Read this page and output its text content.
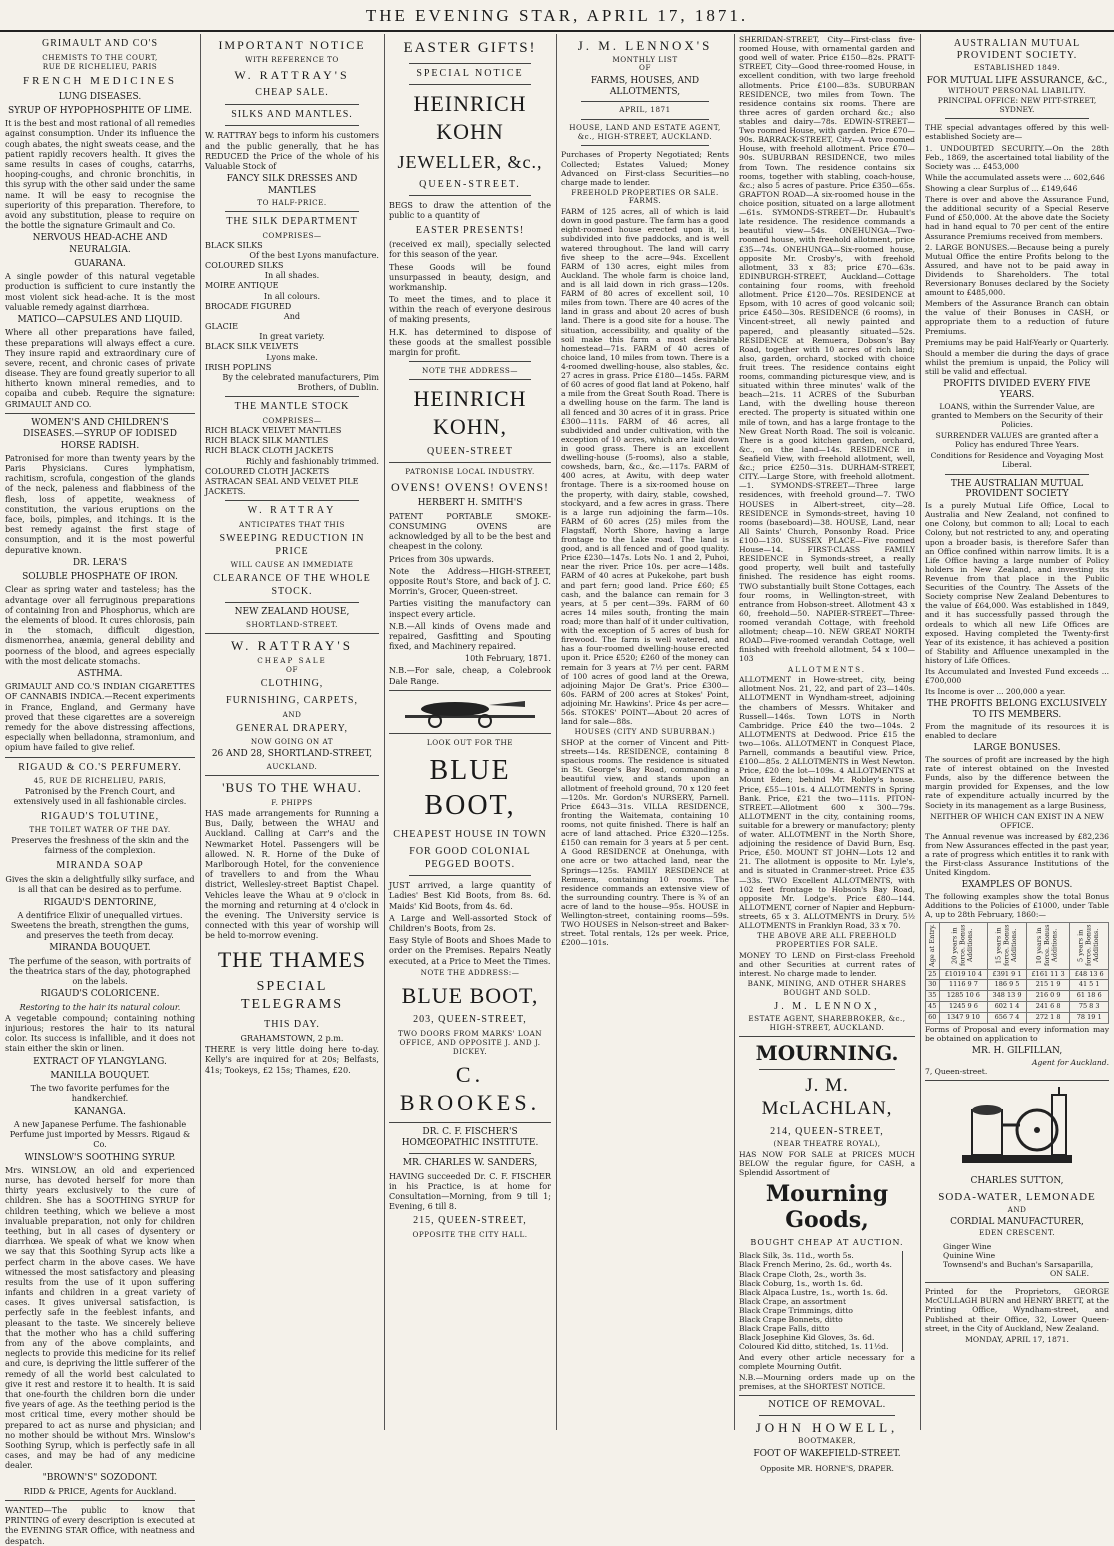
THE EVENING STAR, APRIL 17, 1871.
GRIMAULT AND CO'S
CHEMISTS TO THE COURT,
RUE DE RICHELIEU, PARIS
FRENCH MEDICINES
LUNG DISEASES.
SYRUP OF HYPOPHOSPHITE OF LIME.

It is the best and most rational of all remedies against consumption. Under its influence the cough abates, the night sweats cease, and the patient rapidly recovers health. It gives the same results in cases of coughs, catarrhs, hooping-coughs, and chronic bronchitis, in this syrup with the other said under the same name. It will be easy to recognise the superiority of this preparation. Therefore, to avoid any substitution, please to require on the bottle the signature Grimault and Co.

NERVOUS HEAD-ACHE AND NEURALGIA.
GUARANA.

A single powder of this natural vegetable production is sufficient to cure instantly the most violent sick head-ache. It is the most valuable remedy against diarrhœa.

MATICO—CAPSULES AND LIQUID.

Where all other preparations have failed, these preparations will always effect a cure. They insure rapid and extraordinary cure of severe, recent, and chronic cases of private disease. They are found greatly superior to all hitherto known mineral remedies, and to copaiba and cubeb. Require the signature: GRIMAULT AND CO.

WOMEN'S AND CHILDREN'S DISEASES.—SYRUP OF IODISED HORSE RADISH.

Patronised for more than twenty years by the Paris Physicians. Cures lymphatism, rachitism, scrofula, congestion of the glands of the neck, paleness and flabbiness of the flesh, loss of appetite, weakness of constitution, the various eruptions on the face, boils, pimples, and itchings. It is the best remedy against the first stage of consumption, and it is the most powerful depurative known.

DR. LERA'S
SOLUBLE PHOSPHATE OF IRON.

Clear as spring water and tasteless; has the advantage over all ferruginous preparations of containing Iron and Phosphorus, which are the elements of blood. It cures chlorosis, pain in the stomach, difficult digestion, dismenorrhea, anæmia, general debility and poorness of the blood, and agrees especially with the most delicate stomachs.

ASTHMA.

GRIMAULT AND CO.'S INDIAN CIGARETTES OF CANNABIS INDICA.—Recent experiments in France, England, and Germany have proved that these cigarettes are a sovereign remedy for the above distressing affections, especially when belladonna, stramonium, and opium have failed to give relief.

RIGAUD & CO.'S PERFUMERY.
45, RUE DE RICHELIEU, PARIS,

Patronised by the French Court, and extensively used in all fashionable circles.

RIGAUD'S TOLUTINE,
THE TOILET WATER OF THE DAY.

Preserves the freshness of the skin and the fairness of the complexion.

MIRANDA SOAP

Gives the skin a delightfully silky surface, and is all that can be desired as to perfume.

RIGAUD'S DENTORINE,

A dentifrice Elixir of unequalled virtues. Sweetens the breath, strengthen the gums, and preserves the teeth from decay.

MIRANDA BOUQUET.

The perfume of the season, with portraits of the theatrica stars of the day, photographed on the labels.

RIGAUD'S COLORICENE.
Restoring to the hair its natural colour.

A vegetable compound; containing nothing injurious; restores the hair to its natural color. Its success is infallible, and it does not stain either the skin or linen.

EXTRACT OF YLANGYLANG.
MANILLA BOUQUET.

The two favorite perfumes for the handkerchief.

KANANGA.

A new Japanese Perfume. The fashionable Perfume just imported by Messrs. Rigaud & Co.

WINSLOW'S SOOTHING SYRUP.

Mrs. WINSLOW, an old and experienced nurse, has devoted herself for more than thirty years exclusively to the cure of children. She has a SOOTHING SYRUP for children teething, which we believe a most invaluable preparation, not only for children teething, but in all cases of dysentery or diarrhœa. We speak of what we know when we say that this Soothing Syrup acts like a perfect charm in the above cases. We have witnessed the most satisfactory and pleasing results from the use of it upon suffering infants and children in a great variety of cases. It gives universal satisfaction, is perfectly safe in the feeblest infants, and pleasant to the taste. We sincerely believe that the mother who has a child suffering from any of the above complaints, and neglects to provide this medicine for its relief and cure, is depriving the little sufferer of the remedy of all the world best calculated to give it rest and restore it to health. It is said that one-fourth the children born die under five years of age. As the teething period is the most critical time, every mother should be prepared to act as nurse and physician; and no mother should be without Mrs. Winslow's Soothing Syrup, which is perfectly safe in all cases, and may be had of any medicine dealer.

"BROWN'S" SOZODONT.

RIDD & PRICE, Agents for Auckland.

WANTED—The public to know that PRINTING of every description is executed at the EVENING STAR Office, with neatness and despatch.

IMPORTANT NOTICE
WITH REFERENCE TO
W. RATTRAY'S
CHEAP SALE.
SILKS AND MANTLES.

W. RATTRAY begs to inform his customers and the public generally, that he has REDUCED the Price of the whole of his Valuable Stock of

FANCY SILK DRESSES AND MANTLES
TO HALF-PRICE.
THE SILK DEPARTMENT
COMPRISES—
BLACK SILKS
Of the best Lyons manufacture.
COLOURED SILKS
In all shades.
MOIRE ANTIQUE
In all colours.
BROCADE FIGURED
And
GLACIE
In great variety.
BLACK SILK VELVETS
Lyons make.
IRISH POPLINS
By the celebrated manufacturers, Pim Brothers, of Dublin.
THE MANTLE STOCK
COMPRISES—
RICH BLACK VELVET MANTLES
RICH BLACK SILK MANTLES
RICH BLACK CLOTH JACKETS
Richly and fashionably trimmed.
COLOURED CLOTH JACKETS
ASTRACAN SEAL AND VELVET PILE JACKETS.
W. RATTRAY
ANTICIPATES THAT THIS
SWEEPING REDUCTION IN PRICE
WILL CAUSE AN IMMEDIATE
CLEARANCE OF THE WHOLE STOCK.
NEW ZEALAND HOUSE,
SHORTLAND-STREET.
W. RATTRAY'S
CHEAP SALE
OF
CLOTHING,
FURNISHING, CARPETS,
AND
GENERAL DRAPERY,
NOW GOING ON AT
26 AND 28, SHORTLAND-STREET,
AUCKLAND.
'BUS TO THE WHAU.
F. PHIPPS

HAS made arrangements for Running a Bus, Daily, between the WHAU and Auckland. Calling at Carr's and the Newmarket Hotel. Passengers will be allowed. N. R. Horne of the Duke of Marlborough Hotel, for the convenience of travellers to and from the Whau district, Wellesley-street Baptist Chapel. Vehicles leave the Whau at 9 o'clock in the morning and returning at 4 o'clock in the evening. The University service is connected with this year of worship will be held to-morrow evening.

THE THAMES
SPECIAL TELEGRAMS
THIS DAY.
GRAHAMSTOWN, 2 p.m.

THERE is very little doing here to-day. Kelly's are inquired for at 20s; Belfasts, 41s; Tookeys, £2 15s; Thames, £20.

EASTER GIFTS!
SPECIAL NOTICE
HEINRICH KOHN
JEWELLER, &c.,
QUEEN-STREET.

BEGS to draw the attention of the public to a quantity of

EASTER PRESENTS!

(received ex mail), specially selected for this season of the year.

These Goods will be found unsurpassed in beauty, design, and workmanship.

To meet the times, and to place it within the reach of everyone desirous of making presents,

H.K. has determined to dispose of these goods at the smallest possible margin for profit.

NOTE THE ADDRESS—
HEINRICH KOHN,
QUEEN-STREET
PATRONISE LOCAL INDUSTRY.
OVENS! OVENS! OVENS!
HERBERT H. SMITH'S

PATENT PORTABLE SMOKE-CONSUMING OVENS are acknowledged by all to be the best and cheapest in the colony.

Prices from 30s upwards.

Note the Address—HIGH-STREET, opposite Rout's Store, and back of J. C. Morrin's, Grocer, Queen-street.

Parties visiting the manufactory can inspect every article.

N.B.—All kinds of Ovens made and repaired, Gasfitting and Spouting fixed, and Machinery repaired.

10th February, 1871.

N.B.—For sale, cheap, a Colebrook Dale Range.

LOOK OUT FOR THE
BLUE BOOT,
CHEAPEST HOUSE IN TOWN
FOR GOOD COLONIAL PEGGED BOOTS.

JUST arrived, a large quantity of Ladies' Best Kid Boots, from 8s. 6d. Maids' Kid Boots, from 4s. 6d.

A Large and Well-assorted Stock of Children's Boots, from 2s.

Easy Style of Boots and Shoes Made to order on the Premises. Repairs Neatly executed, at a Price to Meet the Times.

NOTE THE ADDRESS:—
BLUE BOOT,
203, QUEEN-STREET,
TWO DOORS FROM MARKS' LOAN OFFICE, AND OPPOSITE J. AND J. DICKEY.
C. BROOKES.
DR. C. F. FISCHER'S HOMŒOPATHIC INSTITUTE.
MR. CHARLES W. SANDERS,

HAVING succeeded Dr. C. F. FISCHER in his Practice, is at home for Consultation—Morning, from 9 till 1; Evening, 6 till 8.

215, QUEEN-STREET,
OPPOSITE THE CITY HALL.
J. M. LENNOX'S
MONTHLY LIST
OF
FARMS, HOUSES, AND ALLOTMENTS,
APRIL, 1871
HOUSE, LAND AND ESTATE AGENT, &c., HIGH-STREET, AUCKLAND.

Purchases of Property Negotiated; Rents Collected; Estates Valued; Money Advanced on First-class Securities—no charge made to lender.

FREEHOLD PROPERTIES OR SALE.
FARMS.

FARM of 125 acres, all of which is laid down in good pasture. The farm has a good eight-roomed house erected upon it, is subdivided into five paddocks, and is well watered throughout. The land will carry five sheep to the acre—94s. Excellent FARM of 130 acres, eight miles from Auckland. The whole farm is choice land, and is all laid down in rich grass—120s. FARM of 80 acres of excellent soil, 10 miles from town. There are 40 acres of the land in grass and about 20 acres of bush land. There is a good site for a house. The situation, accessibility, and quality of the soil make this farm a most desirable homestead—71s. FARM of 40 acres of choice land, 10 miles from town. There is a 4-roomed dwelling-house, also stables, &c. 27 acres in grass. Price £180—145s. FARM of 60 acres of good flat land at Pokeno, half a mile from the Great South Road. There is a dwelling house on the farm. The land is all fenced and 30 acres of it in grass. Price £300—111s. FARM of 46 acres, all subdivided and under cultivation, with the exception of 10 acres, which are laid down in good grass. There is an excellent dwelling-house (5-rooms), also a stable, cowsheds, barn, &c., &c.—117s. FARM of 400 acres, at Awitu, with deep water frontage. There is a six-roomed house on the property, with dairy, stable, cowshed, stockyard, and a few acres in grass. There is a large run adjoining the farm—10s. FARM of 60 acres (25) miles from the Flagstaff, North Shore, having a large frontage to the Lake road. The land is good, and is all fenced and of good quality. Price £230—147s. Lots No. 1 and 2, Puhoi, near the river. Price 10s. per acre—148s. FARM of 40 acres at Pukekohe, part bush and part fern; good land. Price £60; £5 cash, and the balance can remain for 3 years, at 5 per cent—39s. FARM of 60 acres 14 miles south, fronting the main road; more than half of it under cultivation, with the exception of 5 acres of bush for firewood. The farm is well watered, and has a four-roomed dwelling-house erected upon it. Price £520; £260 of the money can remain for 3 years at 7½ per cent. FARM of 100 acres of good land at the Orewa, adjoining Major De Grat's. Price £300—60s. FARM of 200 acres at Stokes' Point, adjoining Mr. Hawkins'. Price 4s per acre—56s. STOKES' POINT—About 20 acres of land for sale—88s.

HOUSES (CITY AND SUBURBAN.)

SHOP at the corner of Vincent and Pitt-streets—14s. RESIDENCE, containing 8 spacious rooms. The residence is situated in St. George's Bay Road, commanding a beautiful view, and stands upon an allotment of freehold ground, 70 x 120 feet—120s. Mr. Gordon's NURSERY, Parnell. Price £643—31s. VILLA RESIDENCE, fronting the Waitemata, containing 10 rooms, not quite finished. There is half an acre of land attached. Price £320—125s. £150 can remain for 3 years at 5 per cent. A Good RESIDENCE at Onehunga, with one acre or two attached land, near the Springs—125s. FAMILY RESIDENCE at Remuera, containing 10 rooms. The residence commands an extensive view of the surrounding country. There is ¾ of an acre of land to the house—95s. HOUSE in Wellington-street, containing rooms—59s. TWO HOUSES in Nelson-street and Baker-street. Total rentals, 12s per week. Price, £200—101s.

SHERIDAN-STREET, City—First-class five-roomed House, with ornamental garden and good well of water. Price £150—82s. PRATT-STREET, City—Good three-roomed House, in excellent condition, with two large freehold allotments. Price £100—83s. SUBURBAN RESIDENCE, two miles from Town. The residence contains six rooms. There are three acres of garden orchard &c.; also stables and dairy—78s. EDWIN-STREET—Two roomed House, with garden. Price £70—90s. BARRACK-STREET, City—A two roomed House, with freehold allotment. Price £70—90s. SUBURBAN RESIDENCE, two miles from Town. The residence contains six rooms, together with stabling, coach-house, &c.; also 5 acres of pasture. Price £350—65s. GRAFTON ROAD—A six-roomed house in the choice position, situated on a large allotment—61s. SYMONDS-STREET—Dr. Hubault's late residence. The residence commands a beautiful view—54s. ONEHUNGA—Two-roomed house, with freehold allotment, price £35—74s. ONEHUNGA—Six-roomed house, opposite Mr. Crosby's, with freehold allotment, 33 x 83; price £70—63s. EDINBURGH-STREET, Auckland—Cottage containing four rooms, with freehold allotment. Price £120—70s. RESIDENCE at Epsom, with 10 acres of good volcanic soil; price £450—30s. RESIDENCE (6 rooms), in Vincent-street, all newly painted and papered, and pleasantly situated—52s. RESIDENCE at Remuera, Dobson's Bay Road, together with 10 acres of rich land; also, garden, orchard, stocked with choice fruit trees. The residence contains eight rooms, commanding picturesque view, and is situated within three minutes' walk of the beach—21s. 11 ACRES of the Suburban Land, with the dwelling house thereon erected. The property is situated within one mile of town, and has a large frontage to the New Great North Road. The soil is volcanic. There is a good kitchen garden, orchard, &c., on the land—14s. RESIDENCE in Seafield View, with freehold allotment, well, &c.; price £250—31s. DURHAM-STREET, CITY.—Large Store, with freehold allotment.—1. SYMONDS-STREET—Three large residences, with freehold ground—7. TWO HOUSES in Albert-street, city—28. RESIDENCE in Symonds-street, having 10 rooms (baseboard)—38. HOUSE, Land, near All Saints' Church, Ponsonby Road. Price £100—130. SUSSEX PLACE—Five roomed House—14. FIRST-CLASS FAMILY RESIDENCE in Symonds-street, a really good property, well built and tastefully finished. The residence has eight rooms. TWO substantially built Stone Cottages, each four rooms, in Wellington-street, with entrance from Hobson-street. Allotment 43 x 60, freehold—50. NAPIER-STREET—Three-roomed verandah Cottage, with freehold allotment; cheap—10. NEW GREAT NORTH ROAD—Five-roomed verandah Cottage, well finished with freehold allotment, 54 x 100—103

ALLOTMENTS.

ALLOTMENT in Howe-street, city, being allotment Nos. 21, 22, and part of 23—140s. ALLOTMENT in Wyndham-street, adjoining the chambers of Messrs. Whitaker and Russell—146s. Town LOTS in North Cambridge. Price £40 the two—104s. 2 ALLOTMENTS at Dedwood. Price £15 the two—106s. ALLOTMENT in Conquest Place, Parnell, commands a beautiful view. Price, £100—85s. 2 ALLOTMENTS in West Newton. Price, £20 the lot—109s. 4 ALLOTMENTS at Mount Eden; behind Mr. Robley's house. Price, £55—101s. 4 ALLOTMENTS in Spring Bank. Price, £21 the two—111s. PITON-STREET.—Allotment 600 x 300—79s. ALLOTMENT in the city, containing rooms, suitable for a brewery or manufactory; plenty of water. ALLOTMENT in the North Shore, adjoining the residence of David Burn, Esq. Price, £50. MOUNT ST JOHN—Lots 12 and 21. The allotment is opposite to Mr. Lyle's, and is situated in Cranmer-street. Price £35—33s. TWO Excellent ALLOTMENTS, with 102 feet frontage to Hobson's Bay Road, opposite Mr. Lodge's. Price £80—144. ALLOTMENT, corner of Napier and Hepburn-streets, 65 x 3. ALLOTMENTS in Drury. 5½ ALLOTMENTS in Franklyn Road, 33 x 70.

THE ABOVE ARE ALL FREEHOLD PROPERTIES FOR SALE.

MONEY TO LEND on First-class Freehold and other Securities at current rates of interest. No charge made to lender.

BANK, MINING, AND OTHER SHARES BOUGHT AND SOLD.
J. M. LENNOX,
ESTATE AGENT, SHAREBROKER, &c., HIGH-STREET, AUCKLAND.
MOURNING.
J. M. McLACHLAN,
214, QUEEN-STREET,
(NEAR THEATRE ROYAL),

HAS NOW FOR SALE at PRICES MUCH BELOW the regular figure, for CASH, a Splendid Assortment of

Mourning Goods,
BOUGHT CHEAP AT AUCTION.
Black Silk, 3s. 11d., worth 5s.
Black French Merino, 2s. 6d., worth 4s.
Black Crape Cloth, 2s., worth 3s.
Black Coburg, 1s., worth 1s. 6d.
Black Alpaca Lustre, 1s., worth 1s. 6d.
Black Crape, an assortment
Black Crape Trimmings, ditto
Black Crape Bonnets, ditto
Black Crape Falls, ditto
Black Josephine Kid Gloves, 3s. 6d.
Coloured Kid ditto, stitched, 1s. 11½d.

And every other article necessary for a complete Mourning Outfit.

N.B.—Mourning orders made up on the premises, at the SHORTEST NOTICE.

NOTICE OF REMOVAL.
JOHN HOWELL,
BOOTMAKER,
FOOT OF WAKEFIELD-STREET.
Opposite MR. HORNE'S, DRAPER.
AUSTRALIAN MUTUAL PROVIDENT SOCIETY.
ESTABLISHED 1849.
FOR MUTUAL LIFE ASSURANCE, &C.,
WITHOUT PERSONAL LIABILITY.
PRINCIPAL OFFICE: NEW PITT-STREET, SYDNEY.

THE special advantages offered by this well-established Society are—

1. UNDOUBTED SECURITY.—On the 28th Feb., 1869, the ascertained total liability of the Society was ... £453,000

While the accumulated assets were ... 602,646

Showing a clear Surplus of ... £149,646

There is over and above the Assurance Fund, the additional security of a Special Reserve Fund of £50,000. At the above date the Society had in hand equal to 70 per cent of the entire Assurance Premiums received from members.

2. LARGE BONUSES.—Because being a purely Mutual Office the entire Profits belong to the Assured, and have not to be paid away in Dividends to Shareholders. The total Reversionary Bonuses declared by the Society amount to £485,000.

Members of the Assurance Branch can obtain the value of their Bonuses in CASH, or appropriate them to a reduction of future Premiums.

Premiums may be paid Half-Yearly or Quarterly.

Should a member die during the days of grace whilst the premium is unpaid, the Policy will still be valid and effectual.

PROFITS DIVIDED EVERY FIVE YEARS.

LOANS, within the Surrender Value, are granted to Members on the Security of their Policies.

SURRENDER VALUES are granted after a Policy has endured Three Years.

Conditions for Residence and Voyaging Most Liberal.

THE AUSTRALIAN MUTUAL PROVIDENT SOCIETY

Is a purely Mutual Life Office, Local to Australia and New Zealand, not confined to one Colony, but common to all; Local to each Colony, but not restricted to any, and operating upon a broader basis, is therefore Safer than an Office confined within narrow limits. It is a Life Office having a large number of Policy holders in New Zealand, and investing its Revenue from that place in the Public Securities of the Country. The Assets of the Society comprise New Zealand Debentures to the value of £64,000. Was established in 1849, and it has successfully passed through the ordeals to which all new Life Offices are exposed. Having completed the Twenty-first Year of its existence, it has achieved a position of Stability and Affluence unexampled in the history of Life Offices.

Its Accumulated and Invested Fund exceeds ... £700,000

Its Income is over ... 200,000 a year.

THE PROFITS BELONG EXCLUSIVELY TO ITS MEMBERS.

From the magnitude of its resources it is enabled to declare

LARGE BONUSES.

The sources of profit are increased by the high rate of interest obtained on the Invested Funds, also by the difference between the margin provided for Expenses, and the low rate of expenditure actually incurred by the Society in its management as a large Business,

NEITHER OF WHICH CAN EXIST IN A NEW OFFICE.

The Annual revenue was increased by £82,236 from New Assurances effected in the past year, a rate of progress which entitles it to rank with the First-class Assurance Institutions of the United Kingdom.

EXAMPLES OF BONUS.

The following examples show the total Bonus Additions to the Policies of £1000, under Table A, up to 28th February, 1860:—

Age at Entry.	20 years in force. Bonus Additions.	15 years in force. Bonus Additions.	10 years in force. Bonus Additions.	5 years in force. Bonus Additions.
25	£1019 10 4	£391 9 1	£161 11 3	£48 13 6
30	1116 9 7	186 9 5	215 1 9	41 5 1
35	1285 10 6	348 13 9	216 0 9	61 18 6
45	1245 9 6	602 1 4	241 6 8	75 8 3
60	1347 9 10	656 7 4	272 1 8	78 19 1

Forms of Proposal and every information may be obtained on application to

MR. H. GILFILLAN,
Agent for Auckland.
7, Queen-street.
CHARLES SUTTON,
SODA-WATER, LEMONADE
AND
CORDIAL MANUFACTURER,
EDEN CRESCENT.
Ginger Wine
Quinine Wine
Townsend's and Buchan's Sarsaparilla,
ON SALE.

Printed for the Proprietors, GEORGE McCULLAGH BURN and HENRY BRETT, at the Printing Office, Wyndham-street, and Published at their Office, 32, Lower Queen-street, in the City of Auckland, New Zealand.

MONDAY, APRIL 17, 1871.
